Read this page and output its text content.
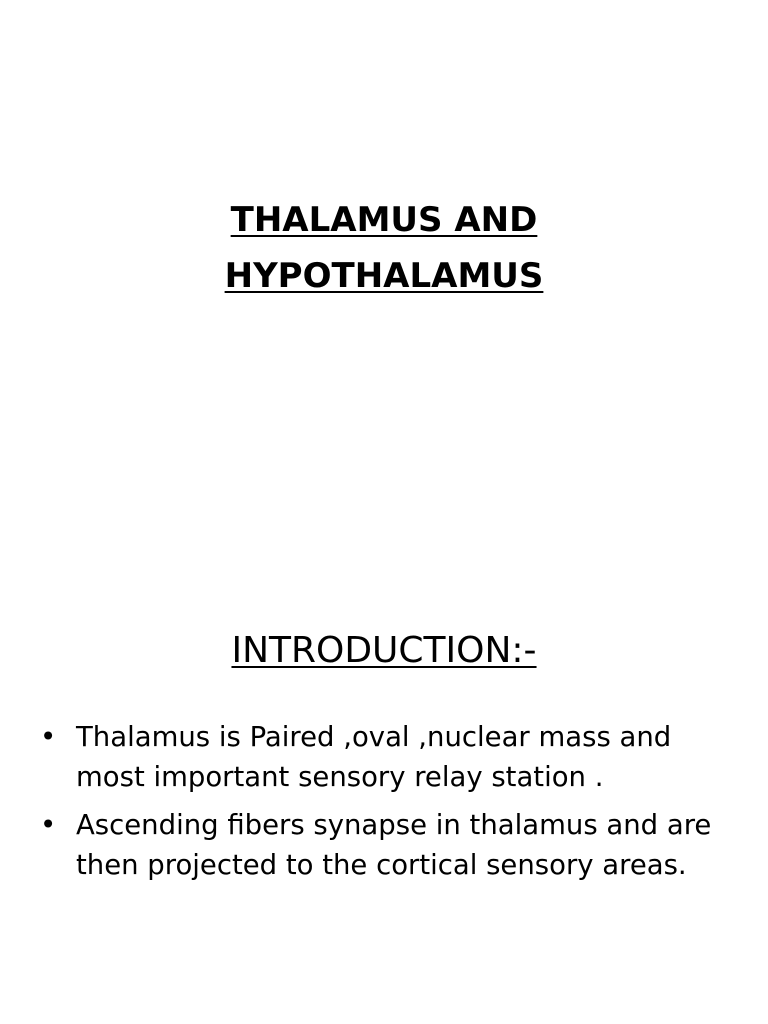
THALAMUS AND
HYPOTHALAMUS
INTRODUCTION:-
• Thalamus is Paired ,oval ,nuclear mass and most important sensory relay station .
• Ascending fibers synapse in thalamus and are then projected to the cortical sensory areas.
